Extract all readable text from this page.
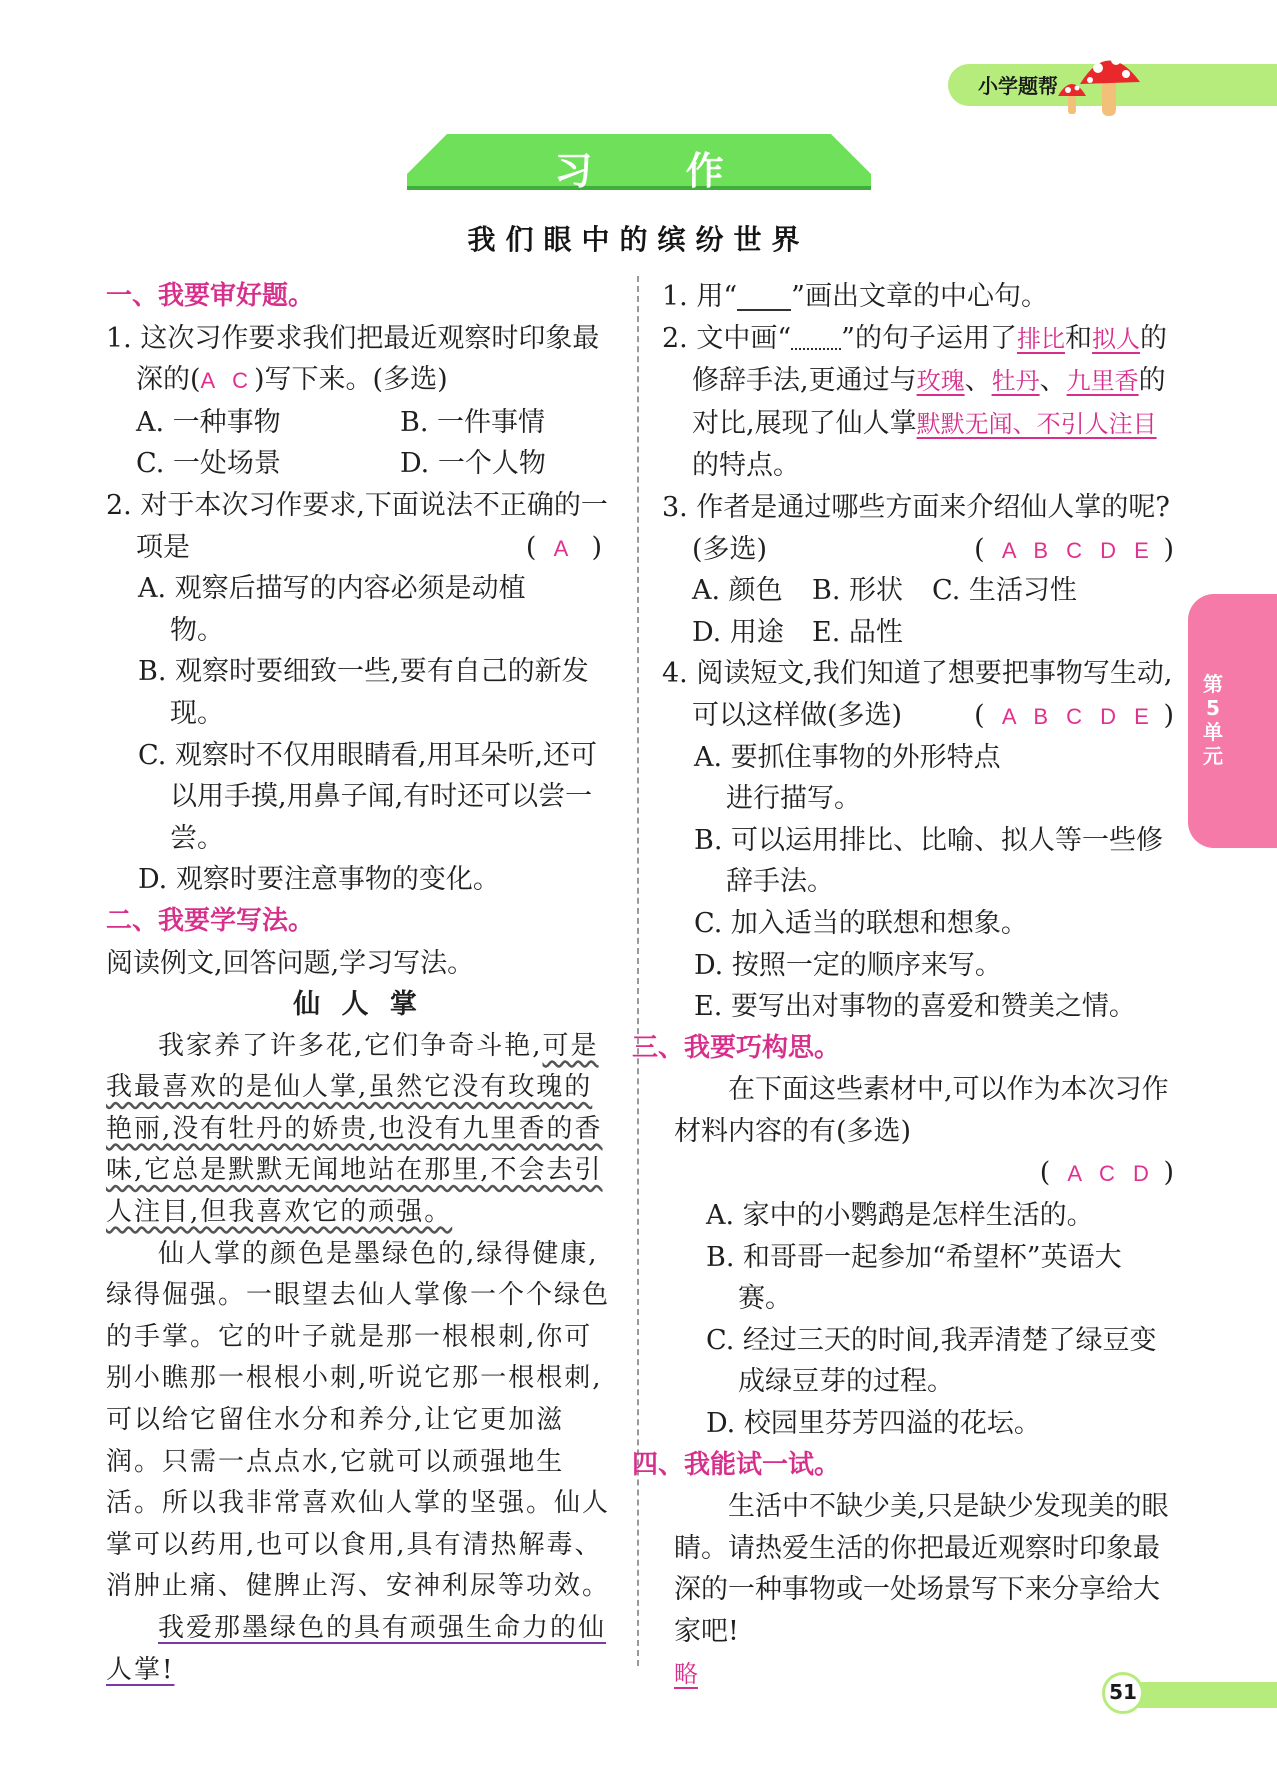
小学题帮
习 作
我们眼中的缤纷世界
一、我要审好题。
1. 这次习作要求我们把最近观察时印象最深的(A C)写下来。(多选)
A. 一种事物	B. 一件事情
C. 一处场景	D. 一个人物
2. 对于本次习作要求,下面说法不正确的一项是	(  A  )
A. 观察后描写的内容必须是动植物。
B. 观察时要细致一些,要有自己的新发现。
C. 观察时不仅用眼睛看,用耳朵听,还可以用手摸,用鼻子闻,有时还可以尝一尝。
D. 观察时要注意事物的变化。
二、我要学写法。
阅读例文,回答问题,学习写法。
仙 人 掌
我家养了许多花,它们争奇斗艳,可是我最喜欢的是仙人掌,虽然它没有玫瑰的艳丽,没有牡丹的娇贵,也没有九里香的香味,它总是默默无闻地站在那里,不会去引人注目,但我喜欢它的顽强。
仙人掌的颜色是墨绿色的,绿得健康,绿得倔强。一眼望去仙人掌像一个个绿色的手掌。它的叶子就是那一根根刺,你可别小瞧那一根根小刺,听说它那一根根刺,可以给它留住水分和养分,让它更加滋润。只需一点点水,它就可以顽强地生活。所以我非常喜欢仙人掌的坚强。仙人掌可以药用,也可以食用,具有清热解毒、消肿止痛、健脾止泻、安神利尿等功效。
我爱那墨绿色的具有顽强生命力的仙人掌!
1. 用“ ”画出文章的中心句。
2. 文中画“ ”的句子运用了排比和拟人的修辞手法,更通过与玫瑰、牡丹、九里香的对比,展现了仙人掌默默无闻、不引人注目的特点。
3. 作者是通过哪些方面来介绍仙人掌的呢?(多选)	(  A B C D E )
A. 颜色	B. 形状	C. 生活习性
D. 用途	E. 品性
4. 阅读短文,我们知道了想要把事物写生动,可以这样做(多选)	(  A B C D E )
A. 要抓住事物的外形特点进行描写。
B. 可以运用排比、比喻、拟人等一些修辞手法。
C. 加入适当的联想和想象。
D. 按照一定的顺序来写。
E. 要写出对事物的喜爱和赞美之情。
三、我要巧构思。
在下面这些素材中,可以作为本次习作材料内容的有(多选)
(  A C D )
A. 家中的小鹦鹉是怎样生活的。
B. 和哥哥一起参加“希望杯”英语大赛。
C. 经过三天的时间,我弄清楚了绿豆变成绿豆芽的过程。
D. 校园里芬芳四溢的花坛。
四、我能试一试。
生活中不缺少美,只是缺少发现美的眼睛。请热爱生活的你把最近观察时印象最深的一种事物或一处场景写下来分享给大家吧!
略
第
5
单
元
51
